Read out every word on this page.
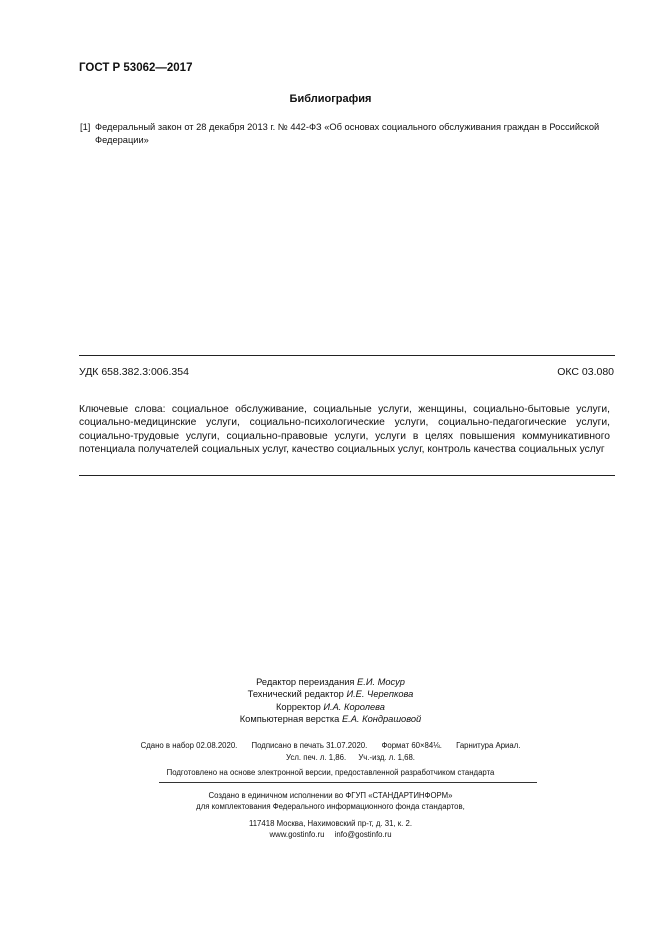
ГОСТ Р 53062—2017
Библиография
[1] Федеральный закон от 28 декабря 2013 г. № 442-ФЗ «Об основах социального обслуживания граждан в Российской Федерации»
УДК 658.382.3:006.354	ОКС 03.080
Ключевые слова: социальное обслуживание, социальные услуги, женщины, социально-бытовые услуги, социально-медицинские услуги, социально-психологические услуги, социально-педагогические услуги, социально-трудовые услуги, социально-правовые услуги, услуги в целях повышения коммуникативного потенциала получателей социальных услуг, качество социальных услуг, контроль качества социальных услуг
Редактор переиздания Е.И. Мосур
Технический редактор И.Е. Черепкова
Корректор И.А. Королева
Компьютерная верстка Е.А. Кондрашовой
Сдано в набор 02.08.2020. Подписано в печать 31.07.2020. Формат 60×84⅛. Гарнитура Ариал.
Усл. печ. л. 1,86. Уч.-изд. л. 1,68.
Подготовлено на основе электронной версии, предоставленной разработчиком стандарта
Создано в единичном исполнении во ФГУП «СТАНДАРТИНФОРМ»
для комплектования Федерального информационного фонда стандартов,
117418 Москва, Нахимовский пр-т, д. 31, к. 2.
www.gostinfo.ru info@gostinfo.ru
